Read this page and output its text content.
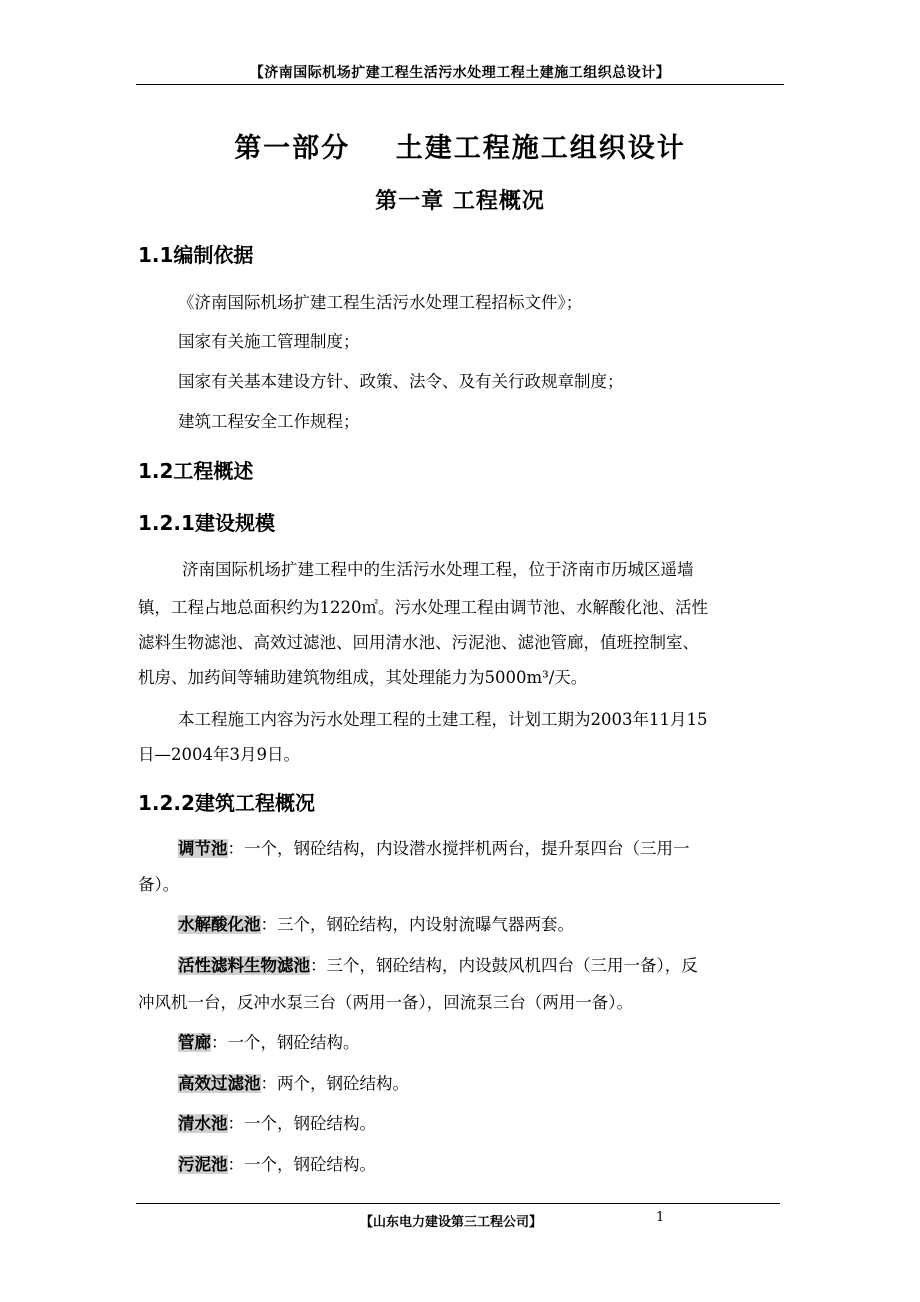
【济南国际机场扩建工程生活污水处理工程土建施工组织总设计】
第一部分    土建工程施工组织设计
第一章 工程概况
1.1编制依据
《济南国际机场扩建工程生活污水处理工程招标文件》；
国家有关施工管理制度；
国家有关基本建设方针、政策、法令、及有关行政规章制度；
建筑工程安全工作规程；
1.2工程概述
1.2.1建设规模
济南国际机场扩建工程中的生活污水处理工程，位于济南市历城区遥墙
镇，工程占地总面积约为1220㎡。污水处理工程由调节池、水解酸化池、活性
滤料生物滤池、高效过滤池、回用清水池、污泥池、滤池管廊，值班控制室、
机房、加药间等辅助建筑物组成，其处理能力为5000m³/天。
本工程施工内容为污水处理工程的土建工程，计划工期为2003年11月15
日—2004年3月9日。
1.2.2建筑工程概况
调节池：一个，钢砼结构，内设潜水搅拌机两台，提升泵四台（三用一
备）。
水解酸化池：三个，钢砼结构，内设射流曝气器两套。
活性滤料生物滤池：三个，钢砼结构，内设鼓风机四台（三用一备），反
冲风机一台，反冲水泵三台（两用一备），回流泵三台（两用一备）。
管廊：一个，钢砼结构。
高效过滤池：两个，钢砼结构。
清水池：一个，钢砼结构。
污泥池：一个，钢砼结构。
【山东电力建设第三工程公司】	1
